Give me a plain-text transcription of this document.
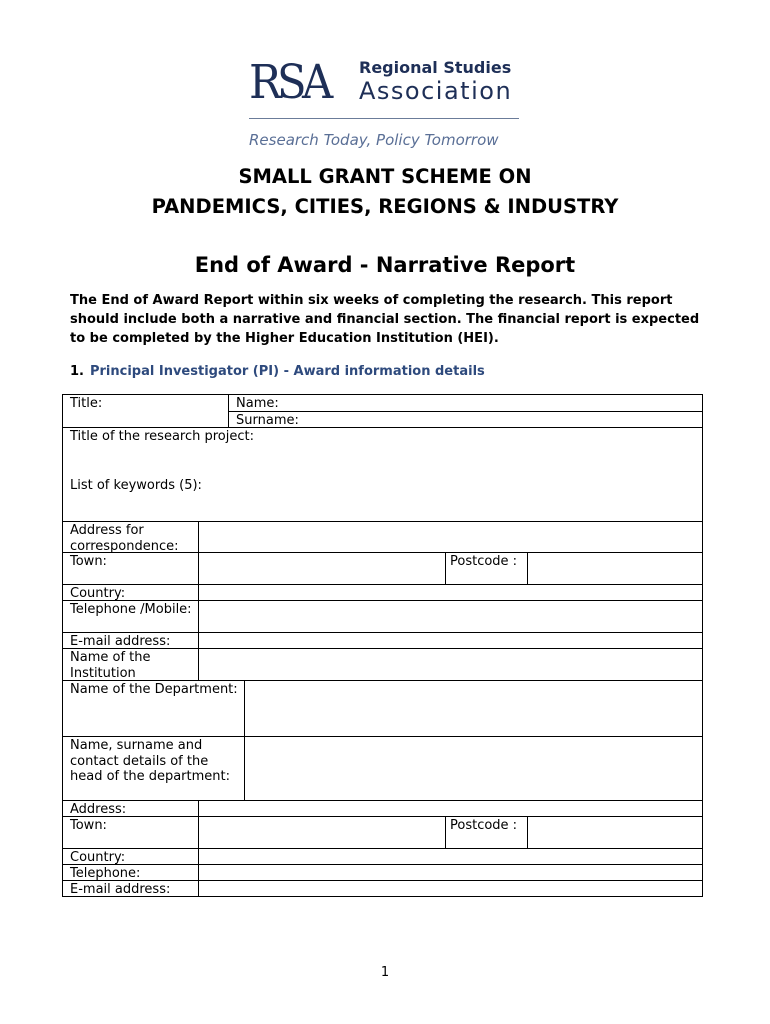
RSA Regional Studies
Association
Research Today, Policy Tomorrow
SMALL GRANT SCHEME ON
PANDEMICS, CITIES, REGIONS & INDUSTRY
End of Award - Narrative Report
The End of Award Report within six weeks of completing the research. This report should include both a narrative and financial section. The financial report is expected to be completed by the Higher Education Institution (HEI).
1. Principal Investigator (PI) - Award information details
Title:	Name:
Surname:
Title of the research project:
List of keywords (5):
Address for correspondence:
Town:	Postcode :
Country:
Telephone /Mobile:
E-mail address:
Name of the Institution
Name of the Department:
Name, surname and contact details of the head of the department:
Address:
Town:	Postcode :
Country:
Telephone:
E-mail address:
1
